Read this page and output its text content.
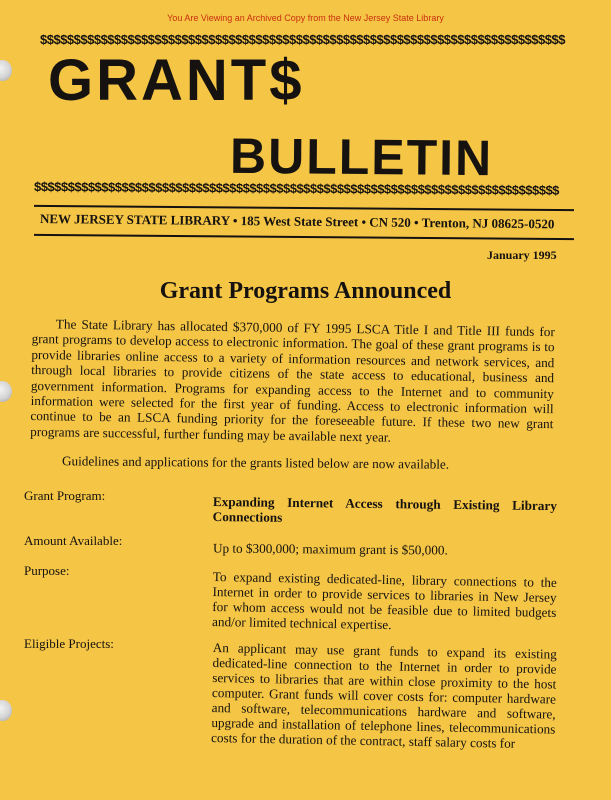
You Are Viewing an Archived Copy from the New Jersey State Library
$$$$$$$$$$$$$$$$$$$$$$$$$$$$$$$$$$$$$$$$$$$$$$$$$$$$$$$$$$$$$$$$$$$$$$$$$$$$$$
GRANT$
BULLETIN
$$$$$$$$$$$$$$$$$$$$$$$$$$$$$$$$$$$$$$$$$$$$$$$$$$$$$$$$$$$$$$$$$$$$$$$$$$$$$$
NEW JERSEY STATE LIBRARY • 185 West State Street • CN 520 • Trenton, NJ 08625-0520
January 1995
Grant Programs Announced
The State Library has allocated $370,000 of FY 1995 LSCA Title I and Title III funds for grant programs to develop access to electronic information. The goal of these grant programs is to provide libraries online access to a variety of information resources and network services, and through local libraries to provide citizens of the state access to educational, business and government information. Programs for expanding access to the Internet and to community information were selected for the first year of funding. Access to electronic information will continue to be an LSCA funding priority for the foreseeable future. If these two new grant programs are successful, further funding may be available next year.
Guidelines and applications for the grants listed below are now available.
Grant Program:	Expanding Internet Access through Existing Library Connections
Amount Available:	Up to $300,000; maximum grant is $50,000.
Purpose:	To expand existing dedicated-line, library connections to the Internet in order to provide services to libraries in New Jersey for whom access would not be feasible due to limited budgets and/or limited technical expertise.
Eligible Projects:	An applicant may use grant funds to expand its existing dedicated-line connection to the Internet in order to provide services to libraries that are within close proximity to the host computer. Grant funds will cover costs for: computer hardware and software, telecommunications hardware and software, upgrade and installation of telephone lines, telecommunications costs for the duration of the contract, staff salary costs for
